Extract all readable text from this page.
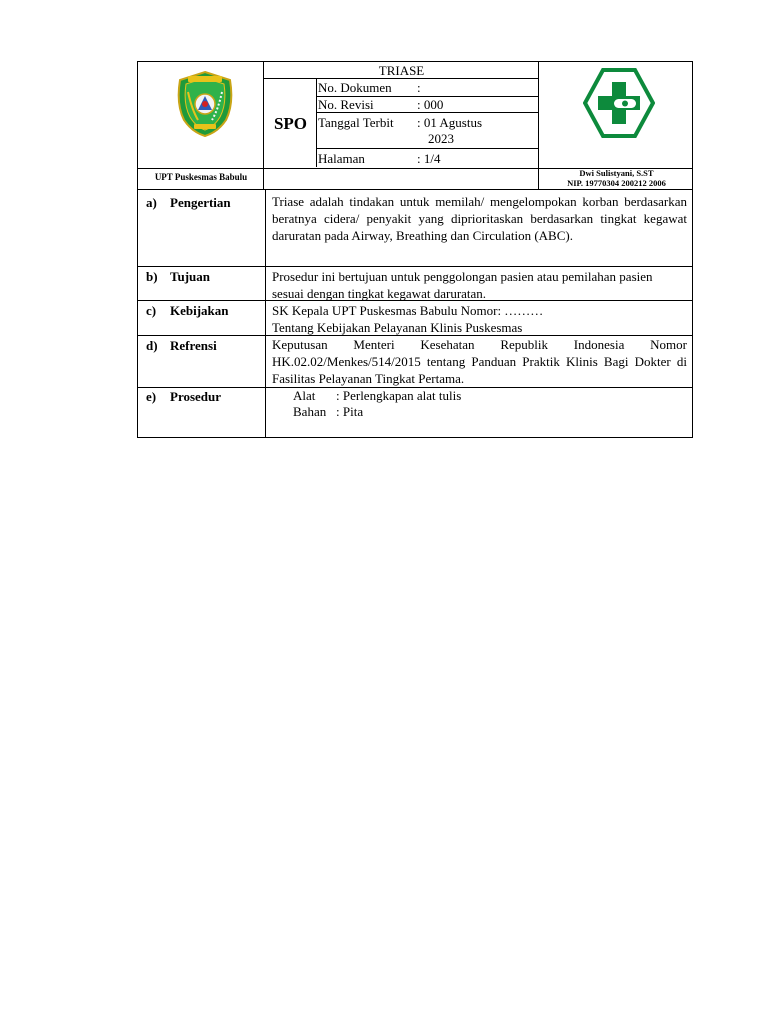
UPT Puskesmas Babulu
TRIASE
SPO
No. Dokumen :
No. Revisi	: 000
Tanggal Terbit : 01 Agustus
2023
Halaman	: 1/4
Dwi Sulistyani, S.ST
NIP. 19770304 200212 2006
a) Pengertian	Triase adalah tindakan untuk memilah/ mengelompokan korban berdasarkan beratnya cidera/ penyakit yang diprioritaskan berdasarkan tingkat kegawat daruratan pada Airway, Breathing dan Circulation (ABC).
b) Tujuan	Prosedur ini bertujuan untuk penggolongan pasien atau pemilahan pasien sesuai dengan tingkat kegawat daruratan.
c) Kebijakan	SK Kepala UPT Puskesmas Babulu Nomor: ………
Tentang Kebijakan Pelayanan Klinis Puskesmas
d) Refrensi	Keputusan Menteri Kesehatan Republik Indonesia Nomor HK.02.02/Menkes/514/2015 tentang Panduan Praktik Klinis Bagi Dokter di Fasilitas Pelayanan Tingkat Pertama.
e) Prosedur	Alat : Perlengkapan alat tulis
Bahan : Pita
